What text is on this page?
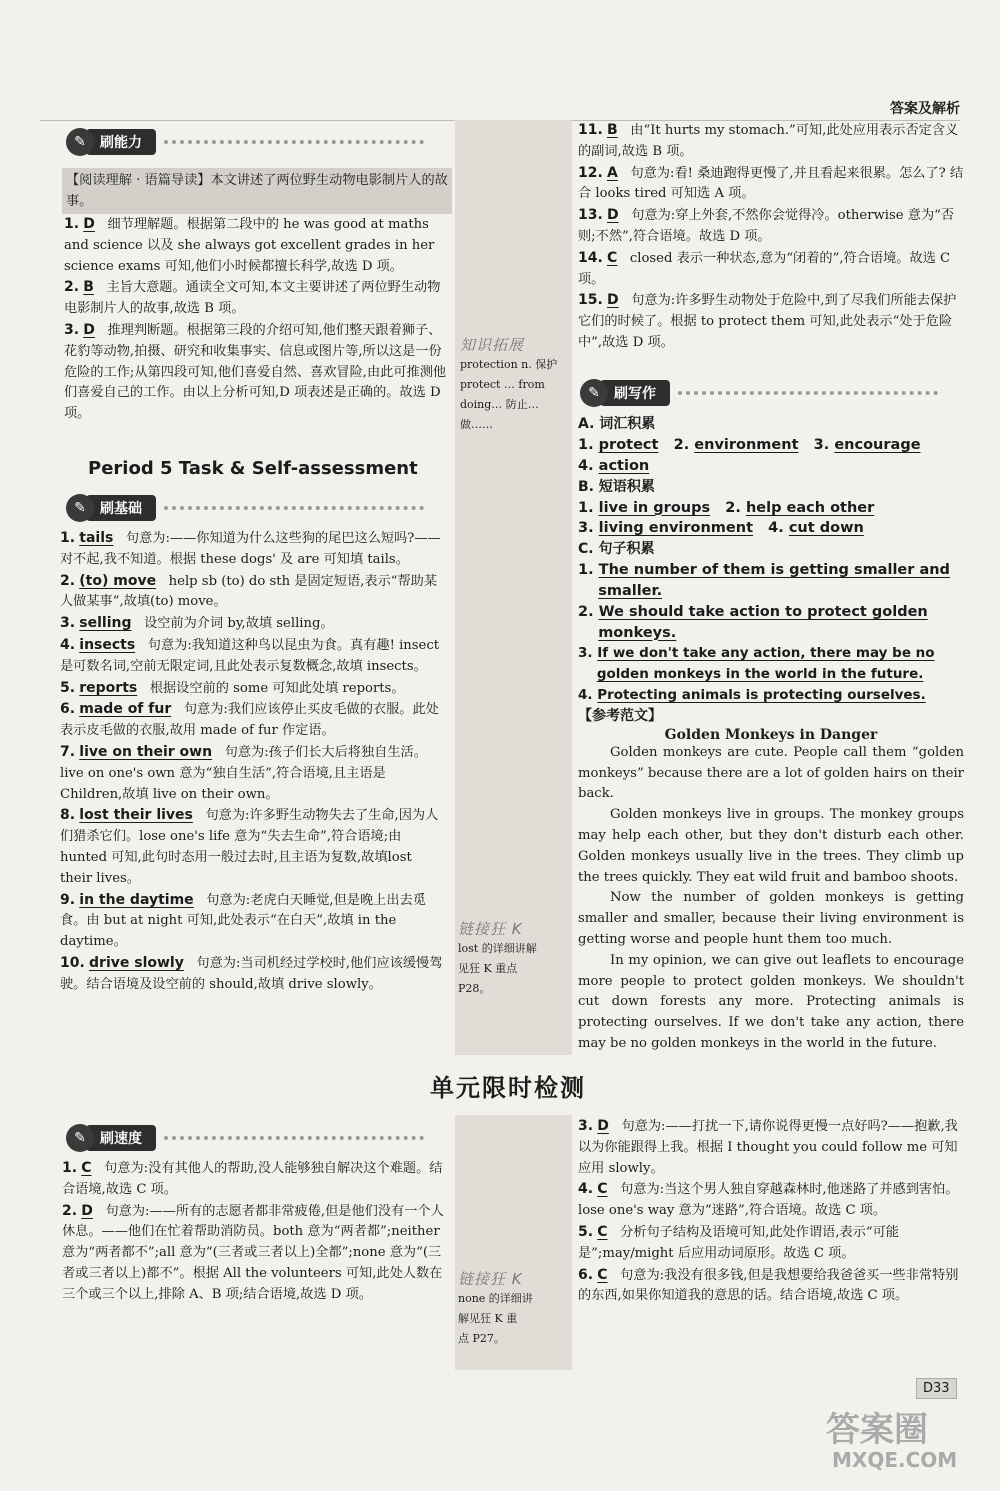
答案及解析
✎	刷能力
【阅读理解 · 语篇导读】本文讲述了两位野生动物电影制片人的故事。

1. D 细节理解题。根据第二段中的 he was good at maths and science 以及 she always got excellent grades in her science exams 可知,他们小时候都擅长科学,故选 D 项。

2. B 主旨大意题。通读全文可知,本文主要讲述了两位野生动物电影制片人的故事,故选 B 项。

3. D 推理判断题。根据第三段的介绍可知,他们整天跟着狮子、花豹等动物,拍摄、研究和收集事实、信息或图片等,所以这是一份危险的工作;从第四段可知,他们喜爱自然、喜欢冒险,由此可推测他们喜爱自己的工作。由以上分析可知,D 项表述是正确的。故选 D 项。

Period 5 Task & Self-assessment
✎	刷基础

1. tails 句意为:——你知道为什么这些狗的尾巴这么短吗?——对不起,我不知道。根据 these dogs' 及 are 可知填 tails。

2. (to) move help sb (to) do sth 是固定短语,表示“帮助某人做某事”,故填(to) move。

3. selling 设空前为介词 by,故填 selling。

4. insects 句意为:我知道这种鸟以昆虫为食。真有趣! insect 是可数名词,空前无限定词,且此处表示复数概念,故填 insects。

5. reports 根据设空前的 some 可知此处填 reports。

6. made of fur 句意为:我们应该停止买皮毛做的衣服。此处表示皮毛做的衣服,故用 made of fur 作定语。

7. live on their own 句意为:孩子们长大后将独自生活。live on one's own 意为“独自生活”,符合语境,且主语是 Children,故填 live on their own。

8. lost their lives 句意为:许多野生动物失去了生命,因为人们猎杀它们。lose one's life 意为“失去生命”,符合语境;由 hunted 可知,此句时态用一般过去时,且主语为复数,故填lost their lives。

9. in the daytime 句意为:老虎白天睡觉,但是晚上出去觅食。由 but at night 可知,此处表示“在白天”,故填 in the daytime。

10. drive slowly 句意为:当司机经过学校时,他们应该缓慢驾驶。结合语境及设空前的 should,故填 drive slowly。

知识拓展
protection n. 保护
protect … from
doing… 防止…
做……
链接狂 K
lost 的详细讲解
见狂 K 重点
P28。
链接狂 K
none 的详细讲
解见狂 K 重
点 P27。

11. B 由“It hurts my stomach.”可知,此处应用表示否定含义的副词,故选 B 项。

12. A 句意为:看! 桑迪跑得更慢了,并且看起来很累。怎么了? 结合 looks tired 可知选 A 项。

13. D 句意为:穿上外套,不然你会觉得冷。otherwise 意为“否则;不然”,符合语境。故选 D 项。

14. C closed 表示一种状态,意为“闭着的”,符合语境。故选 C 项。

15. D 句意为:许多野生动物处于危险中,到了尽我们所能去保护它们的时候了。根据 to protect them 可知,此处表示“处于危险中”,故选 D 项。

✎	刷写作
A. 词汇积累
1. protect 2. environment 3. encourage
4. action
B. 短语积累
1. live in groups 2. help each other
3. living environment 4. cut down
C. 句子积累
1. The number of them is getting smaller and
smaller.
2. We should take action to protect golden
monkeys.
3. If we don't take any action, there may be no
golden monkeys in the world in the future.
4. Protecting animals is protecting ourselves.
【参考范文】
Golden Monkeys in Danger

Golden monkeys are cute. People call them “golden monkeys” because there are a lot of golden hairs on their back.

Golden monkeys live in groups. The monkey groups may help each other, but they don't disturb each other. Golden monkeys usually live in the trees. They climb up the trees quickly. They eat wild fruit and bamboo shoots.

Now the number of golden monkeys is getting smaller and smaller, because their living environment is getting worse and people hunt them too much.

In my opinion, we can give out leaflets to encourage more people to protect golden monkeys. We shouldn't cut down forests any more. Protecting animals is protecting ourselves. If we don't take any action, there may be no golden monkeys in the world in the future.

单元限时检测
✎	刷速度

1. C 句意为:没有其他人的帮助,没人能够独自解决这个难题。结合语境,故选 C 项。

2. D 句意为:——所有的志愿者都非常疲倦,但是他们没有一个人休息。——他们在忙着帮助消防员。both 意为“两者都”;neither 意为“两者都不”;all 意为“(三者或三者以上)全都”;none 意为“(三者或三者以上)都不”。根据 All the volunteers 可知,此处人数在三个或三个以上,排除 A、B 项;结合语境,故选 D 项。

3. D 句意为:——打扰一下,请你说得更慢一点好吗?——抱歉,我以为你能跟得上我。根据 I thought you could follow me 可知应用 slowly。

4. C 句意为:当这个男人独自穿越森林时,他迷路了并感到害怕。lose one's way 意为“迷路”,符合语境。故选 C 项。

5. C 分析句子结构及语境可知,此处作谓语,表示“可能是”;may/might 后应用动词原形。故选 C 项。

6. C 句意为:我没有很多钱,但是我想要给我爸爸买一些非常特别的东西,如果你知道我的意思的话。结合语境,故选 C 项。

D33
答案圈
MXQE.COM
